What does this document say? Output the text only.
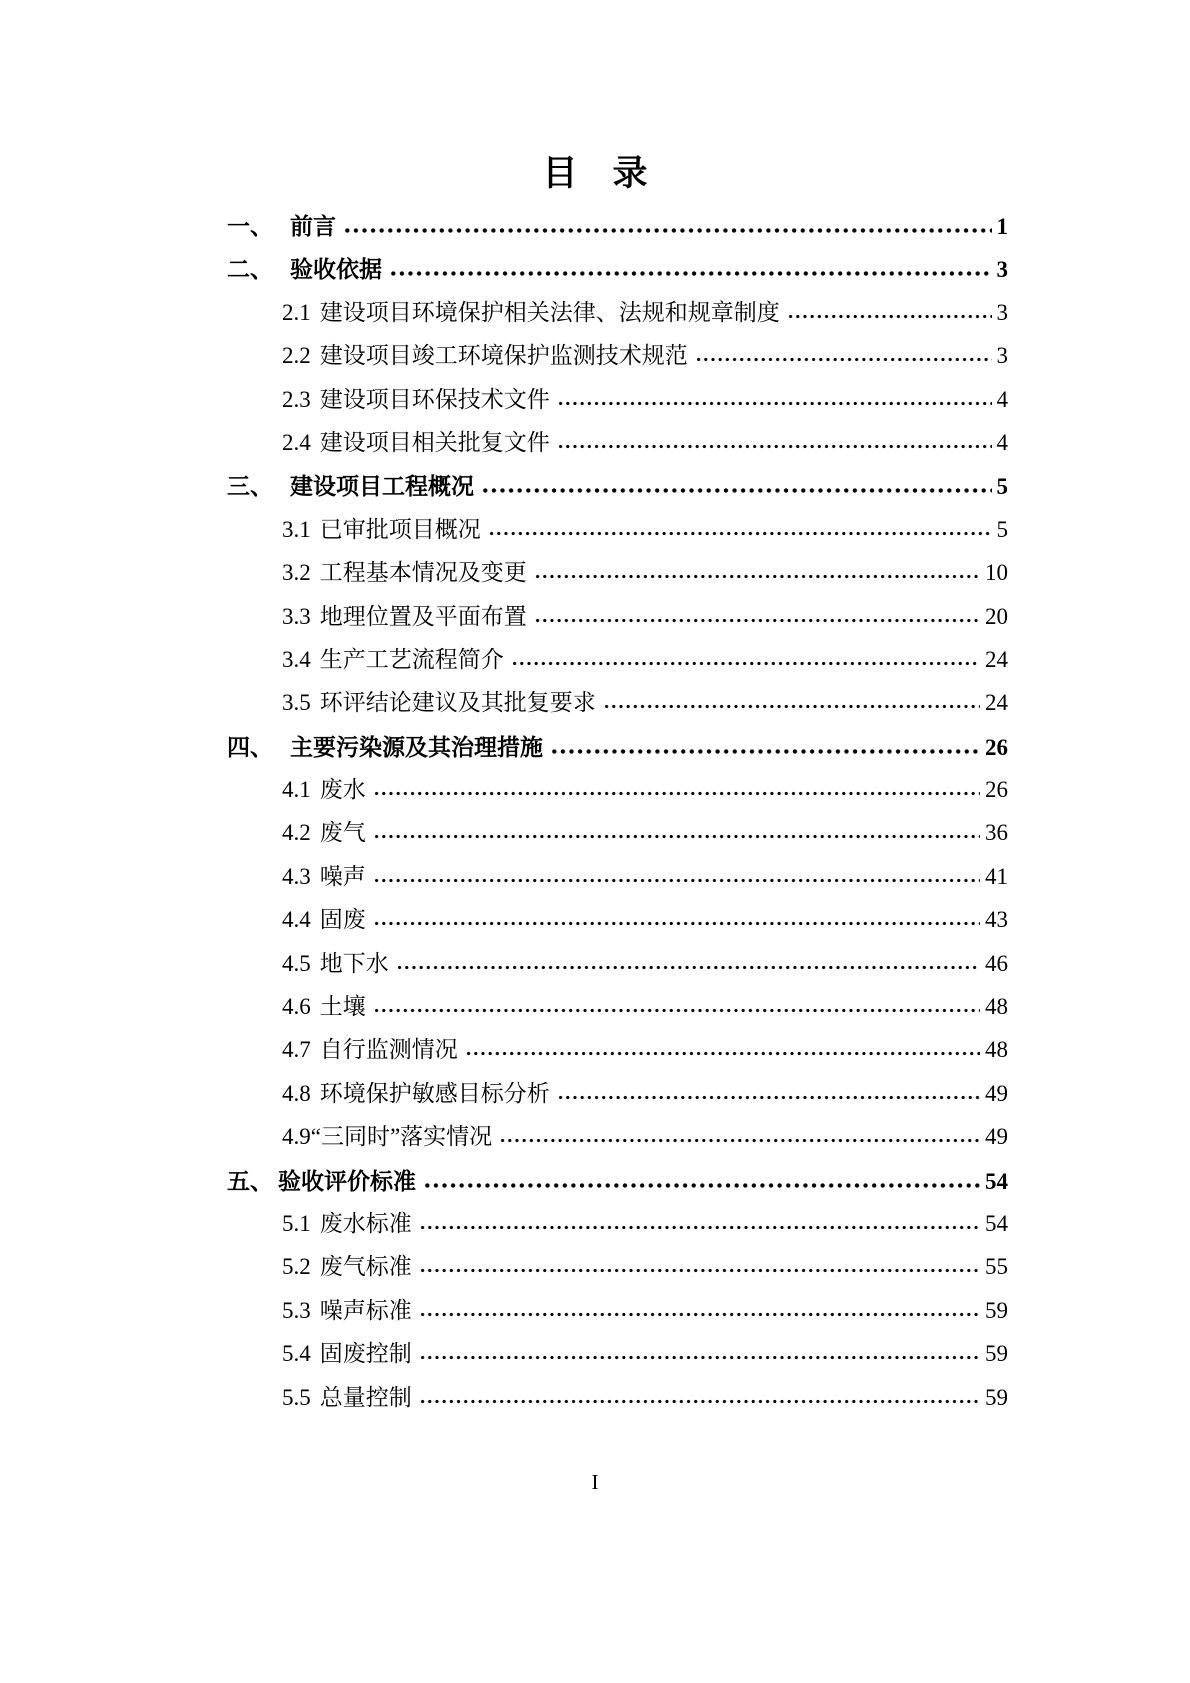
目　录
一、 前言	1
二、 验收依据	3
2.1 建设项目环境保护相关法律、法规和规章制度	3
2.2 建设项目竣工环境保护监测技术规范	3
2.3 建设项目环保技术文件	4
2.4 建设项目相关批复文件	4
三、 建设项目工程概况	5
3.1 已审批项目概况	5
3.2 工程基本情况及变更	10
3.3 地理位置及平面布置	20
3.4 生产工艺流程简介	24
3.5 环评结论建议及其批复要求	24
四、 主要污染源及其治理措施	26
4.1 废水	26
4.2 废气	36
4.3 噪声	41
4.4 固废	43
4.5 地下水	46
4.6 土壤	48
4.7 自行监测情况	48
4.8 环境保护敏感目标分析	49
4.9 “三同时”落实情况	49
五、 验收评价标准	54
5.1 废水标准	54
5.2 废气标准	55
5.3 噪声标准	59
5.4 固废控制	59
5.5 总量控制	59
I
